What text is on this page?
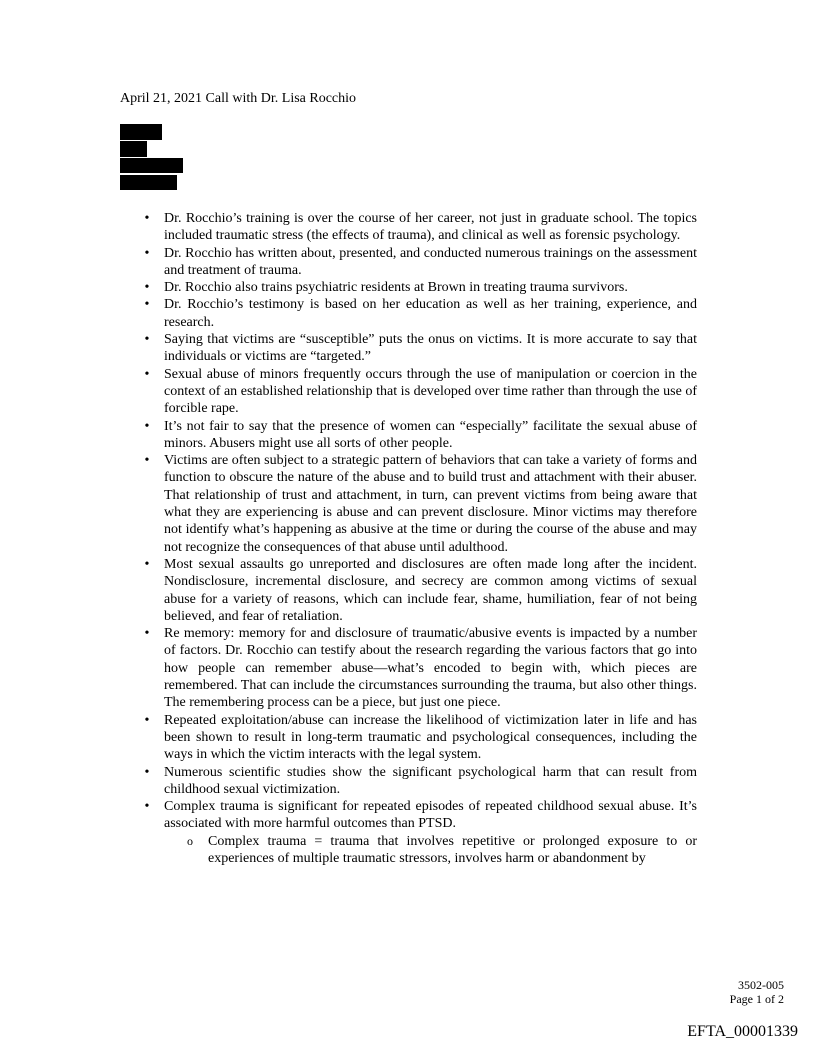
April 21, 2021 Call with Dr. Lisa Rocchio
• Dr. Rocchio’s training is over the course of her career, not just in graduate school. The topics included traumatic stress (the effects of trauma), and clinical as well as forensic psychology.
• Dr. Rocchio has written about, presented, and conducted numerous trainings on the assessment and treatment of trauma.
• Dr. Rocchio also trains psychiatric residents at Brown in treating trauma survivors.
• Dr. Rocchio’s testimony is based on her education as well as her training, experience, and research.
• Saying that victims are “susceptible” puts the onus on victims. It is more accurate to say that individuals or victims are “targeted.”
• Sexual abuse of minors frequently occurs through the use of manipulation or coercion in the context of an established relationship that is developed over time rather than through the use of forcible rape.
• It’s not fair to say that the presence of women can “especially” facilitate the sexual abuse of minors. Abusers might use all sorts of other people.
• Victims are often subject to a strategic pattern of behaviors that can take a variety of forms and function to obscure the nature of the abuse and to build trust and attachment with their abuser. That relationship of trust and attachment, in turn, can prevent victims from being aware that what they are experiencing is abuse and can prevent disclosure. Minor victims may therefore not identify what’s happening as abusive at the time or during the course of the abuse and may not recognize the consequences of that abuse until adulthood.
• Most sexual assaults go unreported and disclosures are often made long after the incident. Nondisclosure, incremental disclosure, and secrecy are common among victims of sexual abuse for a variety of reasons, which can include fear, shame, humiliation, fear of not being believed, and fear of retaliation.
• Re memory: memory for and disclosure of traumatic/abusive events is impacted by a number of factors. Dr. Rocchio can testify about the research regarding the various factors that go into how people can remember abuse—what’s encoded to begin with, which pieces are remembered. That can include the circumstances surrounding the trauma, but also other things. The remembering process can be a piece, but just one piece.
• Repeated exploitation/abuse can increase the likelihood of victimization later in life and has been shown to result in long-term traumatic and psychological consequences, including the ways in which the victim interacts with the legal system.
• Numerous scientific studies show the significant psychological harm that can result from childhood sexual victimization.
• Complex trauma is significant for repeated episodes of repeated childhood sexual abuse. It’s associated with more harmful outcomes than PTSD.
o Complex trauma = trauma that involves repetitive or prolonged exposure to or experiences of multiple traumatic stressors, involves harm or abandonment by
3502-005
Page 1 of 2
EFTA_00001339
